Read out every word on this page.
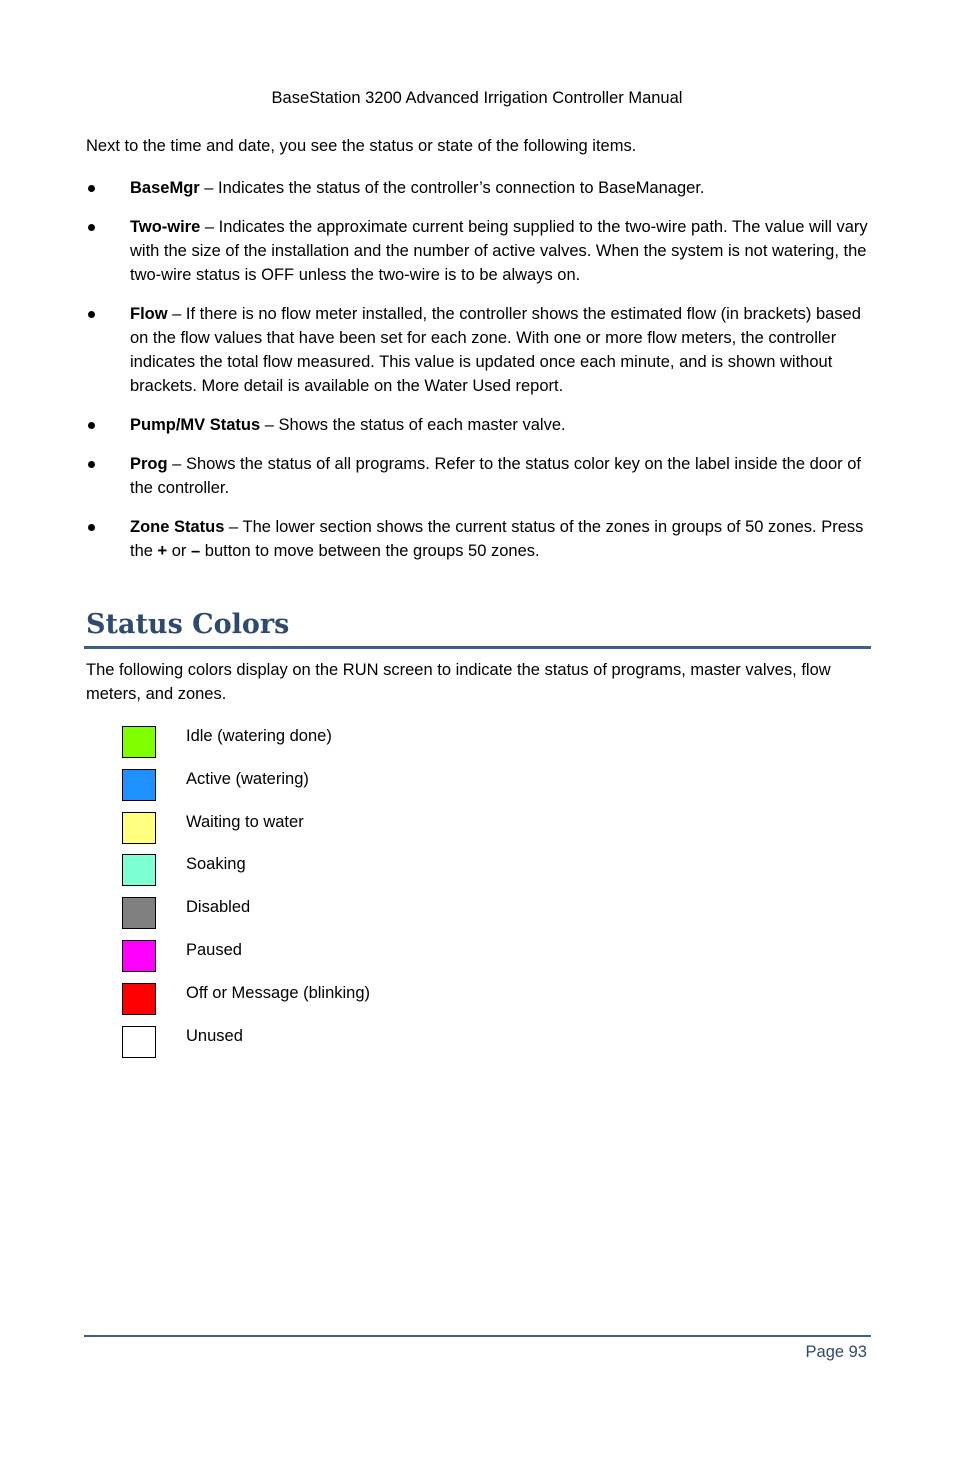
BaseStation 3200 Advanced Irrigation Controller Manual

Next to the time and date, you see the status or state of the following items.

BaseMgr – Indicates the status of the controller’s connection to BaseManager.
Two-wire – Indicates the approximate current being supplied to the two-wire path. The value will vary with the size of the installation and the number of active valves. When the system is not watering, the two-wire status is OFF unless the two-wire is to be always on.
Flow – If there is no flow meter installed, the controller shows the estimated flow (in brackets) based on the flow values that have been set for each zone. With one or more flow meters, the controller indicates the total flow measured. This value is updated once each minute, and is shown without brackets. More detail is available on the Water Used report.
Pump/MV Status – Shows the status of each master valve.
Prog – Shows the status of all programs. Refer to the status color key on the label inside the door of the controller.
Zone Status – The lower section shows the current status of the zones in groups of 50 zones. Press the + or – button to move between the groups 50 zones.
Status Colors

The following colors display on the RUN screen to indicate the status of programs, master valves, flow meters, and zones.

Idle (watering done)
Active (watering)
Waiting to water
Soaking
Disabled
Paused
Off or Message (blinking)
Unused
Page 93
